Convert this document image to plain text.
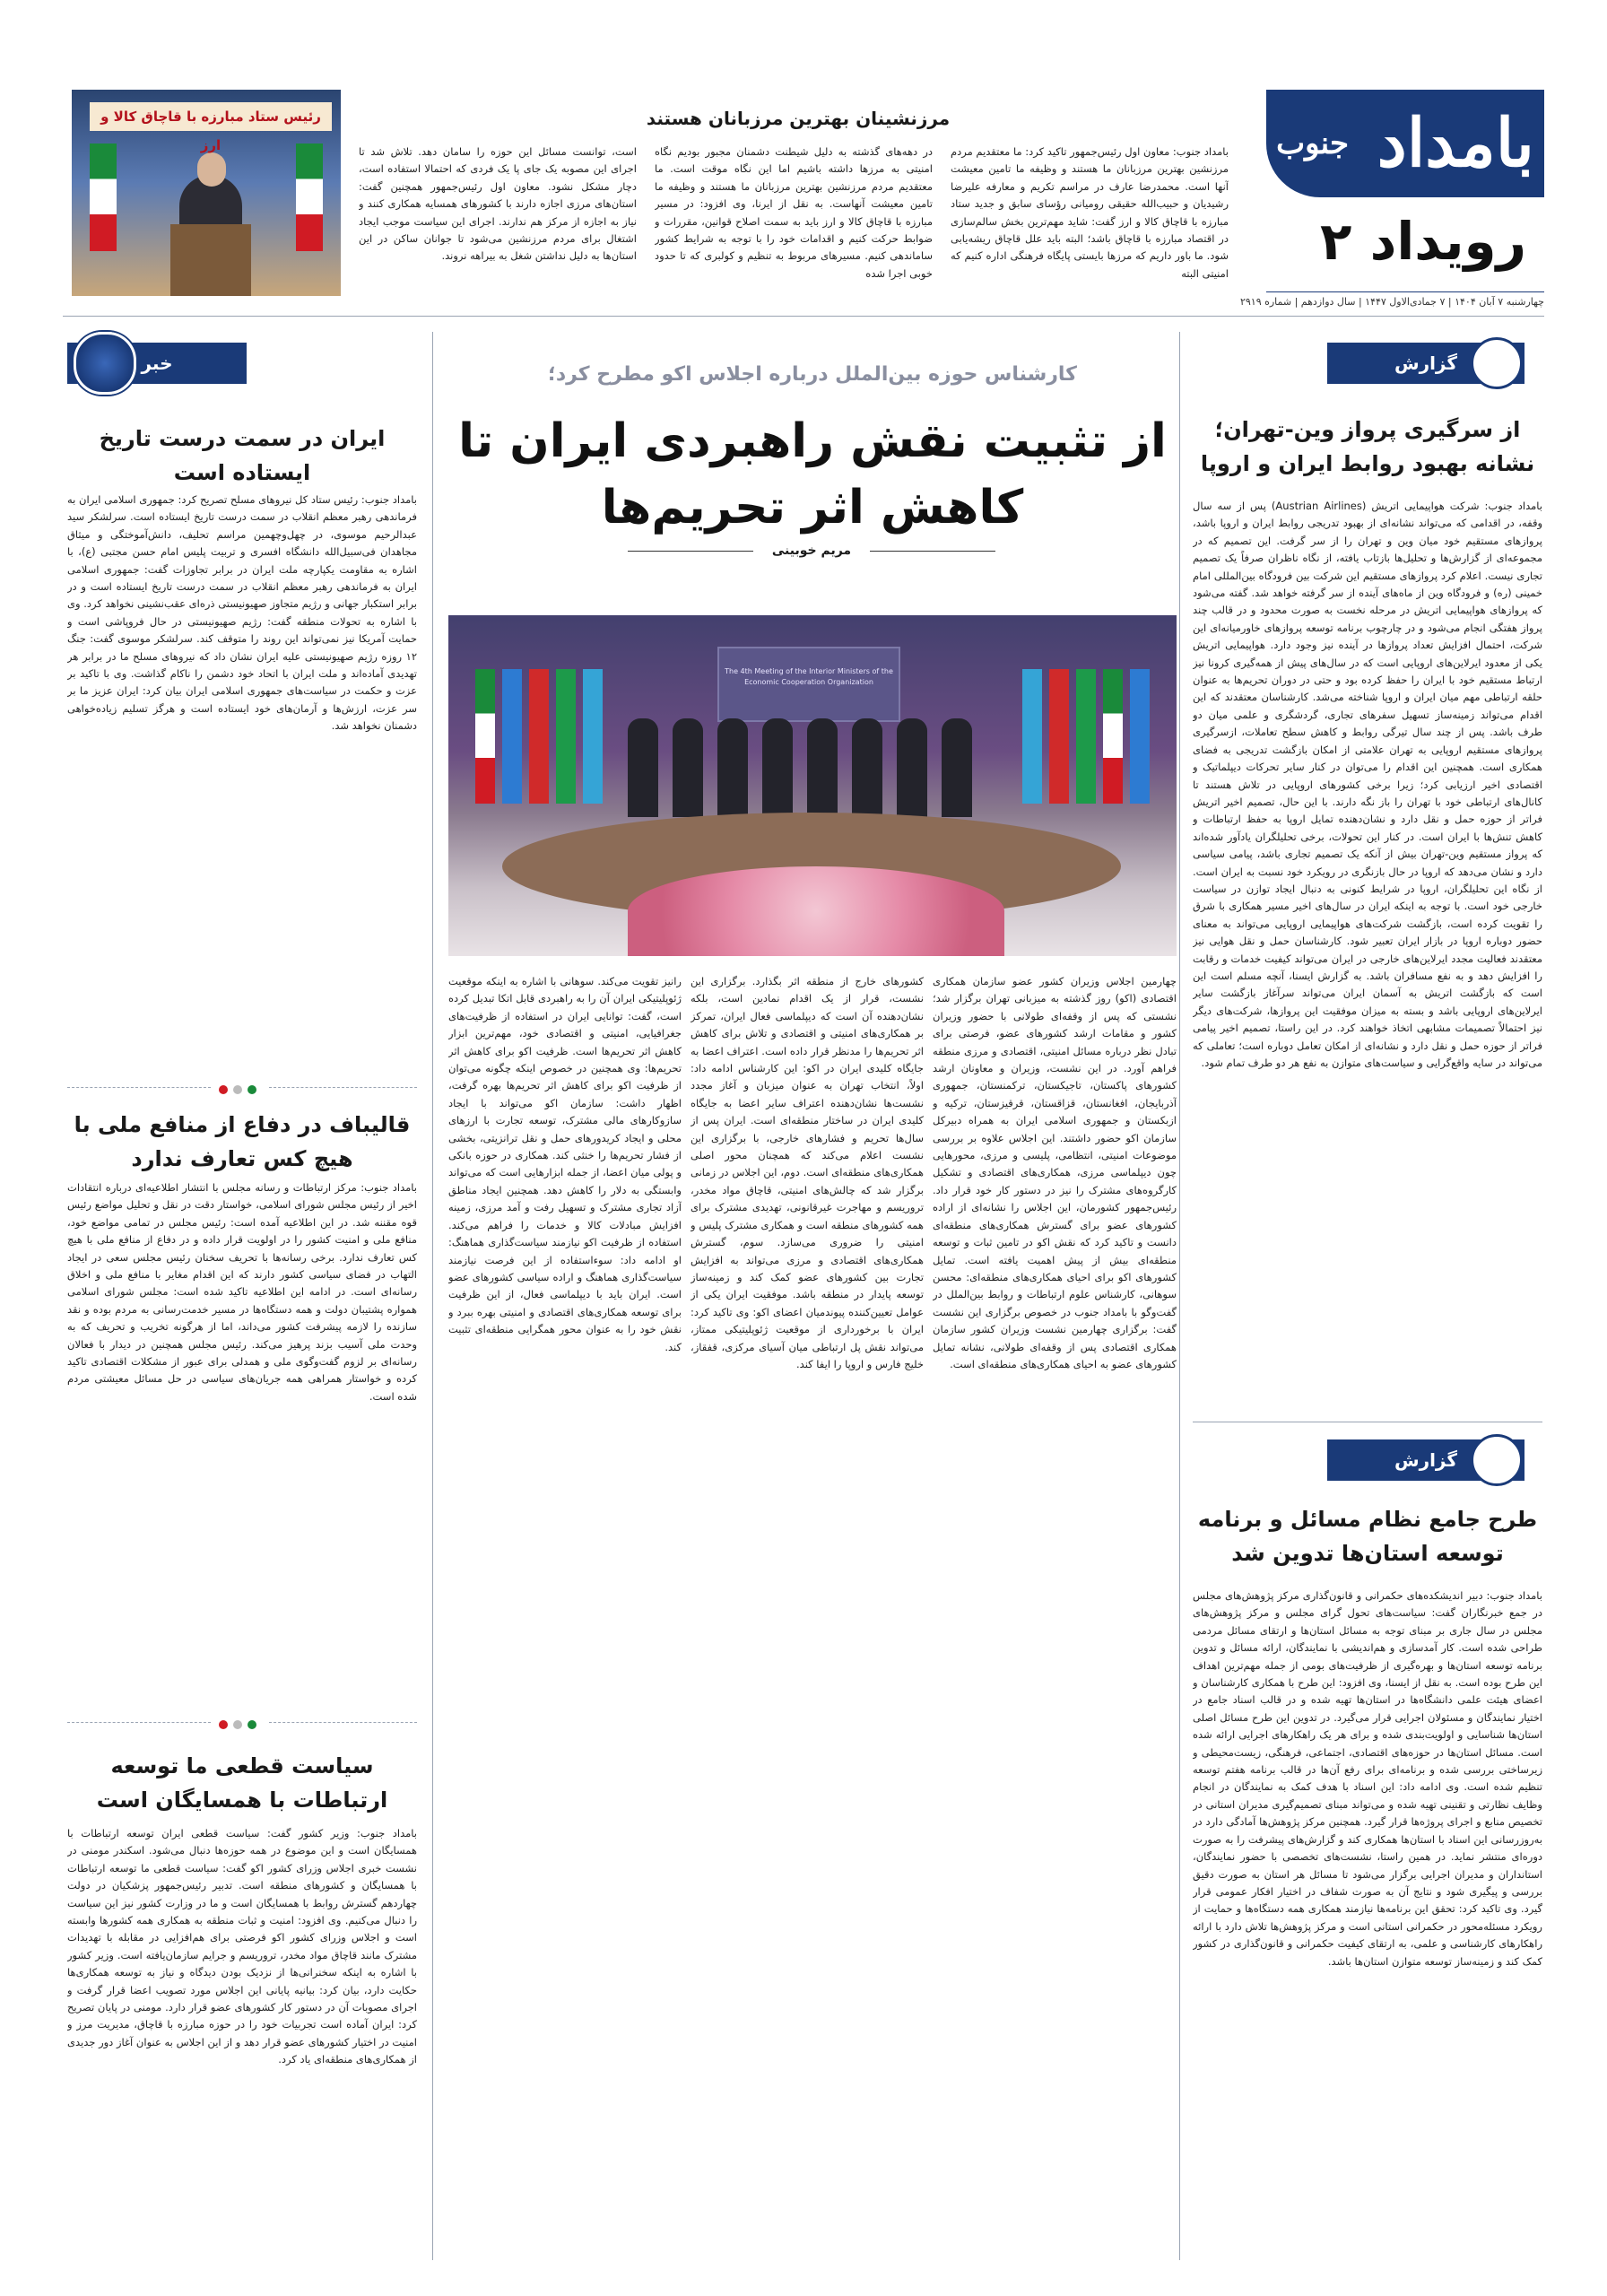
بامداد $^{جنوب}$
رویداد ۲
چهارشنبه ۷ آبان ۱۴۰۴ | ۷ جمادی‌الاول ۱۴۴۷ | سال دوازدهم | شماره ۲۹۱۹
رئیس ستاد مبارزه با قاچاق کالا و ارز
مرزنشینان بهترین مرزبانان هستند
بامداد جنوب: معاون اول رئیس‌جمهور تاکید کرد: ما معتقدیم مردم مرزنشین بهترین مرزبانان ما هستند و وظیفه ما تامین معیشت آنها است. محمدرضا عارف در مراسم تکریم و معارفه علیرضا رشیدیان و حبیب‌الله حقیقی رومیانی رؤسای سابق و جدید ستاد مبارزه با قاچاق کالا و ارز گفت: شاید مهم‌ترین بخش سالم‌سازی در اقتصاد مبارزه با قاچاق باشد؛ البته باید علل قاچاق ریشه‌یابی شود. ما باور داریم که مرزها بایستی پایگاه فرهنگی اداره کنیم که امنیتی البته
در دهه‌های گذشته به دلیل شیطنت دشمنان مجبور بودیم نگاه امنیتی به مرزها داشته باشیم اما این نگاه موقت است. ما معتقدیم مردم مرزنشین بهترین مرزبانان ما هستند و وظیفه ما تامین معیشت آنهاست. به نقل از ایرنا، وی افزود: در مسیر مبارزه با قاچاق کالا و ارز باید به سمت اصلاح قوانین، مقررات و ضوابط حرکت کنیم و اقدامات خود را با توجه به شرایط کشور ساماندهی کنیم. مسیرهای مربوط به تنظیم و کولبری که تا حدود خوبی اجرا شده
است، توانست مسائل این حوزه را سامان دهد. تلاش شد تا اجرای این مصوبه یک جای پا یک فردی که احتمالا استفاده است، دچار مشکل نشود. معاون اول رئیس‌جمهور همچنین گفت: استان‌های مرزی اجازه دارند با کشورهای همسایه همکاری کنند و نیاز به اجازه از مرکز هم ندارند. اجرای این سیاست موجب ایجاد اشتغال برای مردم مرزنشین می‌شود تا جوانان ساکن در این استان‌ها به دلیل نداشتن شغل به بیراهه نروند.
گزارش
از سرگیری پرواز وین-تهران؛ نشانه بهبود روابط ایران و اروپا
بامداد جنوب: شرکت هواپیمایی اتریش (Austrian Airlines) پس از سه سال وقفه، در اقدامی که می‌تواند نشانه‌ای از بهبود تدریجی روابط ایران و اروپا باشد، پروازهای مستقیم خود میان وین و تهران را از سر گرفت. این تصمیم که در مجموعه‌ای از گزارش‌ها و تحلیل‌ها بازتاب یافته، از نگاه ناظران صرفاً یک تصمیم تجاری نیست. اعلام کرد پروازهای مستقیم این شرکت بین فرودگاه بین‌المللی امام خمینی (ره) و فرودگاه وین از ماه‌های آینده از سر گرفته خواهد شد. گفته می‌شود که پروازهای هواپیمایی اتریش در مرحله نخست به صورت محدود و در قالب چند پرواز هفتگی انجام می‌شود و در چارچوب برنامه توسعه پروازهای خاورمیانه‌ای این شرکت، احتمال افزایش تعداد پروازها در آینده نیز وجود دارد. هواپیمایی اتریش یکی از معدود ایرلاین‌های اروپایی است که در سال‌های پیش از همه‌گیری کرونا نیز ارتباط مستقیم خود با ایران را حفظ کرده بود و حتی در دوران تحریم‌ها به عنوان حلقه ارتباطی مهم میان ایران و اروپا شناخته می‌شد. کارشناسان معتقدند که این اقدام می‌تواند زمینه‌ساز تسهیل سفرهای تجاری، گردشگری و علمی میان دو طرف باشد. پس از چند سال تیرگی روابط و کاهش سطح تعاملات، ازسرگیری پروازهای مستقیم اروپایی به تهران علامتی از امکان بازگشت تدریجی به فضای همکاری است. همچنین این اقدام را می‌توان در کنار سایر تحرکات دیپلماتیک و اقتصادی اخیر ارزیابی کرد؛ زیرا برخی کشورهای اروپایی در تلاش هستند تا کانال‌های ارتباطی خود با تهران را باز نگه دارند. با این حال، تصمیم اخیر اتریش فراتر از حوزه حمل و نقل دارد و نشان‌دهنده تمایل اروپا به حفظ ارتباطات و کاهش تنش‌ها با ایران است. در کنار این تحولات، برخی تحلیلگران یادآور شده‌اند که پرواز مستقیم وین-تهران بیش از آنکه یک تصمیم تجاری باشد، پیامی سیاسی دارد و نشان می‌دهد که اروپا در حال بازنگری در رویکرد خود نسبت به ایران است. از نگاه این تحلیلگران، اروپا در شرایط کنونی به دنبال ایجاد توازن در سیاست خارجی خود است. با توجه به اینکه ایران در سال‌های اخیر مسیر همکاری با شرق را تقویت کرده است، بازگشت شرکت‌های هواپیمایی اروپایی می‌تواند به معنای حضور دوباره اروپا در بازار ایران تعبیر شود. کارشناسان حمل و نقل هوایی نیز معتقدند فعالیت مجدد ایرلاین‌های خارجی در ایران می‌تواند کیفیت خدمات و رقابت را افزایش دهد و به نفع مسافران باشد. به گزارش ایسنا، آنچه مسلم است این است که بازگشت اتریش به آسمان ایران می‌تواند سرآغاز بازگشت سایر ایرلاین‌های اروپایی باشد و بسته به میزان موفقیت این پروازها، شرکت‌های دیگر نیز احتمالاً تصمیمات مشابهی اتخاذ خواهند کرد. در این راستا، تصمیم اخیر پیامی فراتر از حوزه حمل و نقل دارد و نشانه‌ای از امکان تعامل دوباره است؛ تعاملی که می‌تواند در سایه واقع‌گرایی و سیاست‌های متوازن به نفع هر دو طرف تمام شود.
گزارش
طرح جامع نظام مسائل و برنامه توسعه استان‌ها تدوین شد
بامداد جنوب: دبیر اندیشکده‌های حکمرانی و قانون‌گذاری مرکز پژوهش‌های مجلس در جمع خبرنگاران گفت: سیاست‌های تحول گرای مجلس و مرکز پژوهش‌های مجلس در سال جاری بر مبنای توجه به مسائل استان‌ها و ارتقای مسائل مردمی طراحی شده است. کار آمدسازی و هم‌اندیشی با نمایندگان، ارائه مسائل و تدوین برنامه توسعه استان‌ها و بهره‌گیری از ظرفیت‌های بومی از جمله مهم‌ترین اهداف این طرح بوده است. به نقل از ایسنا، وی افزود: این طرح با همکاری کارشناسان و اعضای هیئت علمی دانشگاه‌ها در استان‌ها تهیه شده و در قالب اسناد جامع در اختیار نمایندگان و مسئولان اجرایی قرار می‌گیرد. در تدوین این طرح مسائل اصلی استان‌ها شناسایی و اولویت‌بندی شده و برای هر یک راهکارهای اجرایی ارائه شده است. مسائل استان‌ها در حوزه‌های اقتصادی، اجتماعی، فرهنگی، زیست‌محیطی و زیرساختی بررسی شده و برنامه‌ای برای رفع آن‌ها در قالب برنامه هفتم توسعه تنظیم شده است. وی ادامه داد: این اسناد با هدف کمک به نمایندگان در انجام وظایف نظارتی و تقنینی تهیه شده و می‌تواند مبنای تصمیم‌گیری مدیران استانی در تخصیص منابع و اجرای پروژه‌ها قرار گیرد. همچنین مرکز پژوهش‌ها آمادگی دارد در به‌روزرسانی این اسناد با استان‌ها همکاری کند و گزارش‌های پیشرفت را به صورت دوره‌ای منتشر نماید. در همین راستا، نشست‌های تخصصی با حضور نمایندگان، استانداران و مدیران اجرایی برگزار می‌شود تا مسائل هر استان به صورت دقیق بررسی و پیگیری شود و نتایج آن به صورت شفاف در اختیار افکار عمومی قرار گیرد. وی تاکید کرد: تحقق این برنامه‌ها نیازمند همکاری همه دستگاه‌ها و حمایت از رویکرد مسئله‌محور در حکمرانی استانی است و مرکز پژوهش‌ها تلاش دارد با ارائه راهکارهای کارشناسی و علمی، به ارتقای کیفیت حکمرانی و قانون‌گذاری در کشور کمک کند و زمینه‌ساز توسعه متوازن استان‌ها باشد.
کارشناس حوزه بین‌الملل درباره اجلاس اکو مطرح کرد؛
از تثبیت نقش راهبردی ایران تا کاهش اثر تحریم‌ها
مریم خوبینی
The 4th Meeting of the Interior Ministers of the Economic Cooperation Organization
چهارمین اجلاس وزیران کشور عضو سازمان همکاری اقتصادی (اکو) روز گذشته به میزبانی تهران برگزار شد؛ نشستی که پس از وقفه‌ای طولانی با حضور وزیران کشور و مقامات ارشد کشورهای عضو، فرصتی برای تبادل نظر درباره مسائل امنیتی، اقتصادی و مرزی منطقه فراهم آورد. در این نشست، وزیران و معاونان ارشد کشورهای پاکستان، تاجیکستان، ترکمنستان، جمهوری آذربایجان، افغانستان، قزاقستان، قرقیزستان، ترکیه و ازبکستان و جمهوری اسلامی ایران به همراه دبیرکل سازمان اکو حضور داشتند. این اجلاس علاوه بر بررسی موضوعات امنیتی، انتظامی، پلیسی و مرزی، محورهایی چون دیپلماسی مرزی، همکاری‌های اقتصادی و تشکیل کارگروه‌های مشترک را نیز در دستور کار خود قرار داد. رئیس‌جمهور کشورمان، این اجلاس را نشانه‌ای از اراده کشورهای عضو برای گسترش همکاری‌های منطقه‌ای دانست و تاکید کرد که نقش اکو در تامین ثبات و توسعه منطقه‌ای بیش از پیش اهمیت یافته است. تمایل کشورهای اکو برای احیای همکاری‌های منطقه‌ای: محسن سوهانی، کارشناس علوم ارتباطات و روابط بین‌الملل در گفت‌وگو با بامداد جنوب در خصوص برگزاری این نشست گفت: برگزاری چهارمین نشست وزیران کشور سازمان همکاری اقتصادی پس از وقفه‌ای طولانی، نشانه تمایل کشورهای عضو به احیای همکاری‌های منطقه‌ای است.
کشورهای خارج از منطقه اثر بگذارد. برگزاری این نشست، قرار از یک اقدام نمادین است، بلکه نشان‌دهنده آن است که دیپلماسی فعال ایران، تمرکز بر همکاری‌های امنیتی و اقتصادی و تلاش برای کاهش اثر تحریم‌ها را مدنظر قرار داده است. اعتراف اعضا به جایگاه کلیدی ایران در اکو: این کارشناس ادامه داد: اولاً، انتخاب تهران به عنوان میزبان و آغاز مجدد نشست‌ها نشان‌دهنده اعتراف سایر اعضا به جایگاه کلیدی ایران در ساختار منطقه‌ای است. ایران پس از سال‌ها تحریم و فشارهای خارجی، با برگزاری این نشست اعلام می‌کند که همچنان محور اصلی همکاری‌های منطقه‌ای است. دوم، این اجلاس در زمانی برگزار شد که چالش‌های امنیتی، قاچاق مواد مخدر، تروریسم و مهاجرت غیرقانونی، تهدیدی مشترک برای همه کشورهای منطقه است و همکاری مشترک پلیس و امنیتی را ضروری می‌سازد. سوم، گسترش همکاری‌های اقتصادی و مرزی می‌تواند به افزایش تجارت بین کشورهای عضو کمک کند و زمینه‌ساز توسعه پایدار در منطقه باشد. موفقیت ایران یکی از عوامل تعیین‌کننده پیوندمیان اعضای اکو: وی تاکید کرد: ایران با برخورداری از موقعیت ژئوپلیتیکی ممتاز، می‌تواند نقش پل ارتباطی میان آسیای مرکزی، قفقاز، خلیج فارس و اروپا را ایفا کند.
رانیز تقویت می‌کند. سوهانی با اشاره به اینکه موقعیت ژئوپلیتیکی ایران آن را به راهبردی قابل اتکا تبدیل کرده است، گفت: توانایی ایران در استفاده از ظرفیت‌های جغرافیایی، امنیتی و اقتصادی خود، مهم‌ترین ابزار کاهش اثر تحریم‌ها است. ظرفیت اکو برای کاهش اثر تحریم‌ها: وی همچنین در خصوص اینکه چگونه می‌توان از ظرفیت اکو برای کاهش اثر تحریم‌ها بهره گرفت، اظهار داشت: سازمان اکو می‌تواند با ایجاد سازوکارهای مالی مشترک، توسعه تجارت با ارزهای محلی و ایجاد کریدورهای حمل و نقل ترانزیتی، بخشی از فشار تحریم‌ها را خنثی کند. همکاری در حوزه بانکی و پولی میان اعضا، از جمله ابزارهایی است که می‌تواند وابستگی به دلار را کاهش دهد. همچنین ایجاد مناطق آزاد تجاری مشترک و تسهیل رفت و آمد مرزی، زمینه افزایش مبادلات کالا و خدمات را فراهم می‌کند. استفاده از ظرفیت اکو نیازمند سیاست‌گذاری هماهنگ: او ادامه داد: سوءاستفاده از این فرصت نیازمند سیاست‌گذاری هماهنگ و اراده سیاسی کشورهای عضو است. ایران باید با دیپلماسی فعال، از این ظرفیت برای توسعه همکاری‌های اقتصادی و امنیتی بهره ببرد و نقش خود را به عنوان محور همگرایی منطقه‌ای تثبیت کند.
خبر
ایران در سمت درست تاریخ ایستاده است
بامداد جنوب: رئیس ستاد کل نیروهای مسلح تصریح کرد: جمهوری اسلامی ایران به فرماندهی رهبر معظم انقلاب در سمت درست تاریخ ایستاده است. سرلشکر سید عبدالرحیم موسوی، در چهل‌وچهمین مراسم تحلیف، دانش‌آموختگی و میثاق مجاهدان فی‌سبیل‌الله دانشگاه افسری و تربیت پلیس امام حسن مجتبی (ع)، با اشاره به مقاومت یکپارچه ملت ایران در برابر تجاوزات گفت: جمهوری اسلامی ایران به فرماندهی رهبر معظم انقلاب در سمت درست تاریخ ایستاده است و در برابر استکبار جهانی و رژیم متجاوز صهیونیستی ذره‌ای عقب‌نشینی نخواهد کرد. وی با اشاره به تحولات منطقه گفت: رژیم صهیونیستی در حال فروپاشی است و حمایت آمریکا نیز نمی‌تواند این روند را متوقف کند. سرلشکر موسوی گفت: جنگ ۱۲ روزه رژیم صهیونیستی علیه ایران نشان داد که نیروهای مسلح ما در برابر هر تهدیدی آماده‌اند و ملت ایران با اتحاد خود دشمن را ناکام گذاشت. وی با تاکید بر عزت و حکمت در سیاست‌های جمهوری اسلامی ایران بیان کرد: ایران عزیز ما بر سر عزت، ارزش‌ها و آرمان‌های خود ایستاده است و هرگز تسلیم زیاده‌خواهی دشمنان نخواهد شد.
قالیباف در دفاع از منافع ملی با هیچ کس تعارف ندارد
بامداد جنوب: مرکز ارتباطات و رسانه مجلس با انتشار اطلاعیه‌ای درباره انتقادات اخیر از رئیس مجلس شورای اسلامی، خواستار دقت در نقل و تحلیل مواضع رئیس قوه مقننه شد. در این اطلاعیه آمده است: رئیس مجلس در تمامی مواضع خود، منافع ملی و امنیت کشور را در اولویت قرار داده و در دفاع از منافع ملی با هیچ کس تعارف ندارد. برخی رسانه‌ها با تحریف سخنان رئیس مجلس سعی در ایجاد التهاب در فضای سیاسی کشور دارند که این اقدام مغایر با منافع ملی و اخلاق رسانه‌ای است. در ادامه این اطلاعیه تاکید شده است: مجلس شورای اسلامی همواره پشتیبان دولت و همه دستگاه‌ها در مسیر خدمت‌رسانی به مردم بوده و نقد سازنده را لازمه پیشرفت کشور می‌داند، اما از هرگونه تخریب و تحریف که به وحدت ملی آسیب بزند پرهیز می‌کند. رئیس مجلس همچنین در دیدار با فعالان رسانه‌ای بر لزوم گفت‌وگوی ملی و همدلی برای عبور از مشکلات اقتصادی تاکید کرده و خواستار همراهی همه جریان‌های سیاسی در حل مسائل معیشتی مردم شده است.
سیاست قطعی ما توسعه ارتباطات با همسایگان است
بامداد جنوب: وزیر کشور گفت: سیاست قطعی ایران توسعه ارتباطات با همسایگان است و این موضوع در همه حوزه‌ها دنبال می‌شود. اسکندر مومنی در نشست خبری اجلاس وزرای کشور اکو گفت: سیاست قطعی ما توسعه ارتباطات با همسایگان و کشورهای منطقه است. تدبیر رئیس‌جمهور پزشکیان در دولت چهاردهم گسترش روابط با همسایگان است و ما در وزارت کشور نیز این سیاست را دنبال می‌کنیم. وی افزود: امنیت و ثبات منطقه به همکاری همه کشورها وابسته است و اجلاس وزرای کشور اکو فرصتی برای هم‌افزایی در مقابله با تهدیدات مشترک مانند قاچاق مواد مخدر، تروریسم و جرایم سازمان‌یافته است. وزیر کشور با اشاره به اینکه سخنرانی‌ها از نزدیک بودن دیدگاه و نیاز به توسعه همکاری‌ها حکایت دارد، بیان کرد: بیانیه پایانی این اجلاس مورد تصویب اعضا قرار گرفت و اجرای مصوبات آن در دستور کار کشورهای عضو قرار دارد. مومنی در پایان تصریح کرد: ایران آماده است تجربیات خود را در حوزه مبارزه با قاچاق، مدیریت مرز و امنیت در اختیار کشورهای عضو قرار دهد و از این اجلاس به عنوان آغاز دور جدیدی از همکاری‌های منطقه‌ای یاد کرد.
